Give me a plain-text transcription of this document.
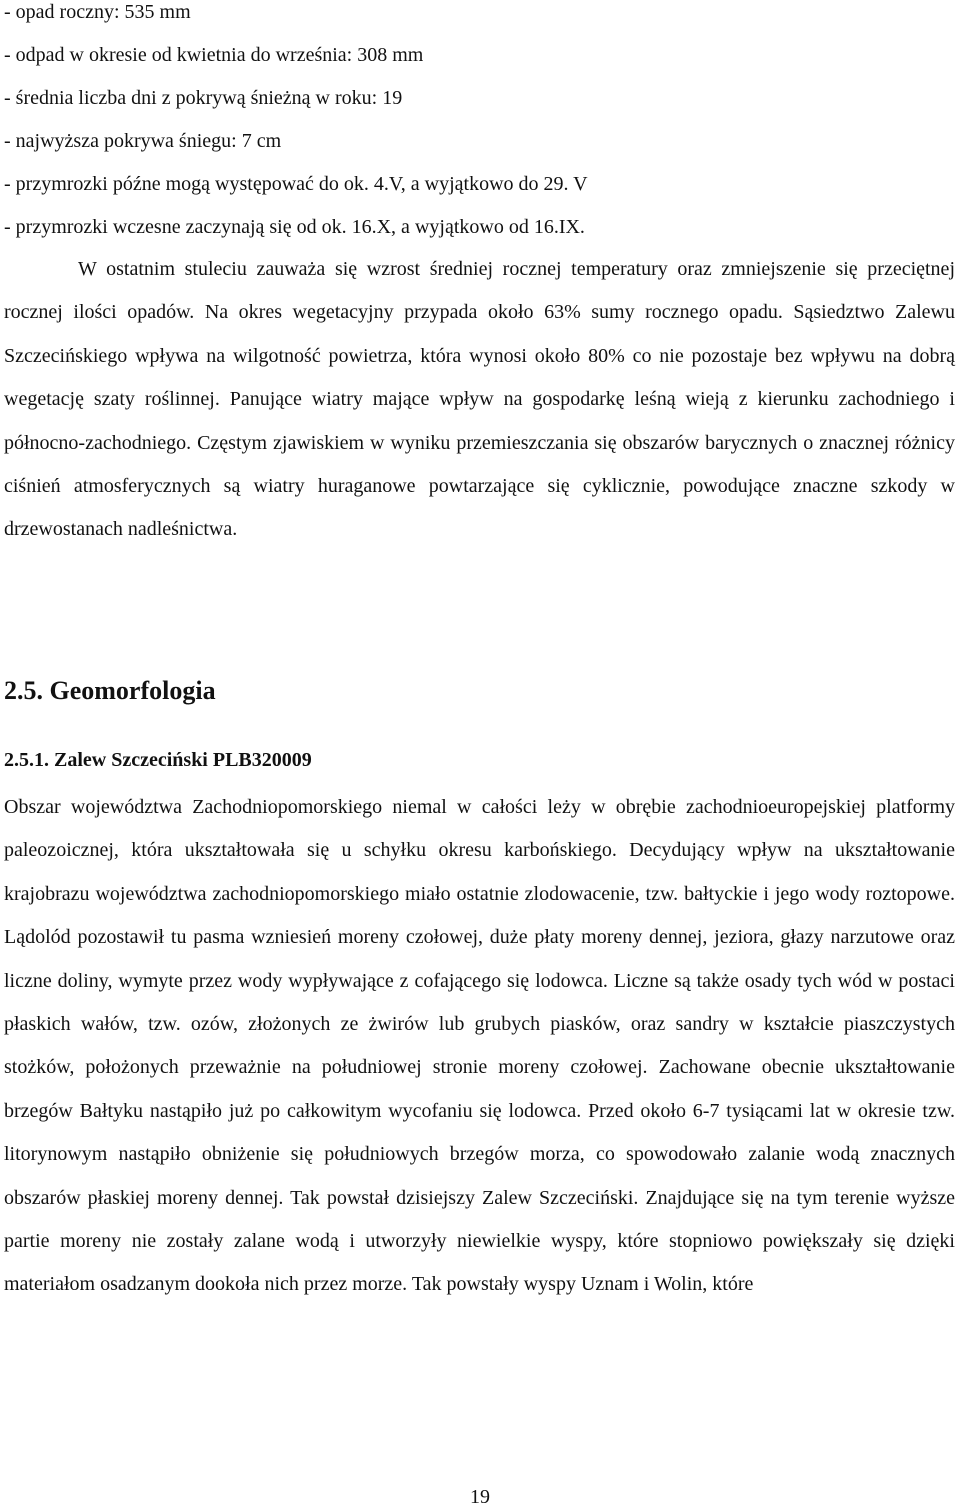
- opad roczny: 535 mm
- odpad w okresie od kwietnia do września: 308 mm
- średnia liczba dni z pokrywą śnieżną w roku: 19
- najwyższa pokrywa śniegu: 7 cm
- przymrozki późne mogą występować do ok. 4.V, a wyjątkowo do 29. V
- przymrozki wczesne zaczynają się od ok. 16.X, a wyjątkowo od 16.IX.
W ostatnim stuleciu zauważa się wzrost średniej rocznej temperatury oraz zmniejszenie się przeciętnej rocznej ilości opadów. Na okres wegetacyjny przypada około 63% sumy rocznego opadu. Sąsiedztwo Zalewu Szczecińskiego wpływa na wilgotność powietrza, która wynosi około 80% co nie pozostaje bez wpływu na dobrą wegetację szaty roślinnej. Panujące wiatry mające wpływ na gospodarkę leśną wieją z kierunku zachodniego i północno-zachodniego. Częstym zjawiskiem w wyniku przemieszczania się obszarów barycznych o znacznej różnicy ciśnień atmosferycznych są wiatry huraganowe powtarzające się cyklicznie, powodujące znaczne szkody w drzewostanach nadleśnictwa.
2.5. Geomorfologia
2.5.1. Zalew Szczeciński PLB320009
Obszar województwa Zachodniopomorskiego niemal w całości leży w obrębie zachodnioeuropejskiej platformy paleozoicznej, która ukształtowała się u schyłku okresu karbońskiego. Decydujący wpływ na ukształtowanie krajobrazu województwa zachodniopomorskiego miało ostatnie zlodowacenie, tzw. bałtyckie i jego wody roztopowe. Lądolód pozostawił tu pasma wzniesień moreny czołowej, duże płaty moreny dennej, jeziora, głazy narzutowe oraz liczne doliny, wymyte przez wody wypływające z cofającego się lodowca. Liczne są także osady tych wód w postaci płaskich wałów, tzw. ozów, złożonych ze żwirów lub grubych piasków, oraz sandry w kształcie piaszczystych stożków, położonych przeważnie na południowej stronie moreny czołowej. Zachowane obecnie ukształtowanie brzegów Bałtyku nastąpiło już po całkowitym wycofaniu się lodowca. Przed około 6-7 tysiącami lat w okresie tzw. litorynowym nastąpiło obniżenie się południowych brzegów morza, co spowodowało zalanie wodą znacznych obszarów płaskiej moreny dennej. Tak powstał dzisiejszy Zalew Szczeciński. Znajdujące się na tym terenie wyższe partie moreny nie zostały zalane wodą i utworzyły niewielkie wyspy, które stopniowo powiększały się dzięki materiałom osadzanym dookoła nich przez morze. Tak powstały wyspy Uznam i Wolin, które
19
